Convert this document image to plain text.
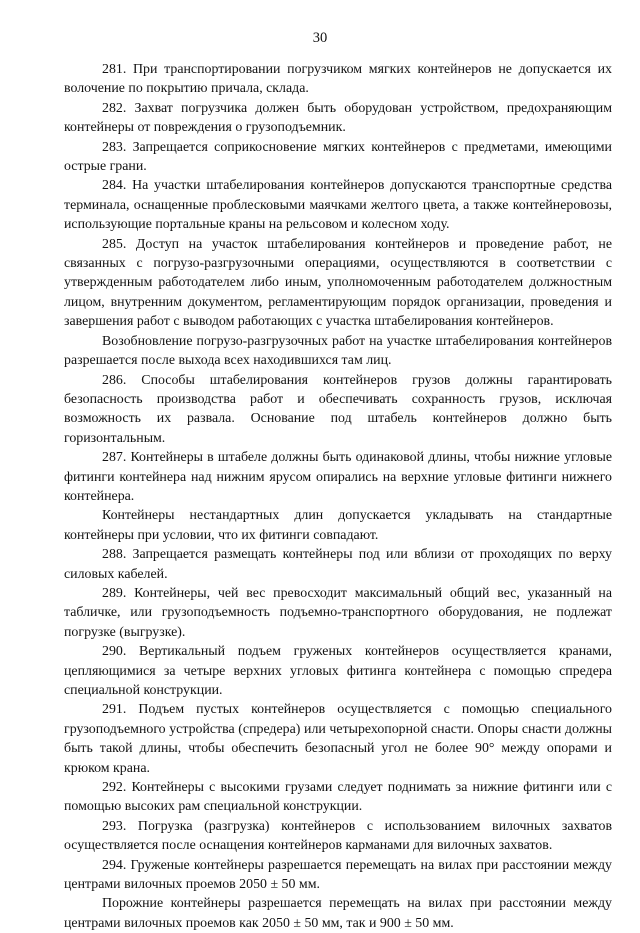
30

281. При транспортировании погрузчиком мягких контейнеров не допускается их волочение по покрытию причала, склада.

282. Захват погрузчика должен быть оборудован устройством, предохраняющим контейнеры от повреждения о грузоподъемник.

283. Запрещается соприкосновение мягких контейнеров с предметами, имеющими острые грани.

284. На участки штабелирования контейнеров допускаются транспортные средства терминала, оснащенные проблесковыми маячками желтого цвета, а также контейнеровозы, использующие портальные краны на рельсовом и колесном ходу.

285. Доступ на участок штабелирования контейнеров и проведение работ, не связанных с погрузо-разгрузочными операциями, осуществляются в соответствии с утвержденным работодателем либо иным, уполномоченным работодателем должностным лицом, внутренним документом, регламентирующим порядок организации, проведения и завершения работ с выводом работающих с участка штабелирования контейнеров.

Возобновление погрузо-разгрузочных работ на участке штабелирования контейнеров разрешается после выхода всех находившихся там лиц.

286. Способы штабелирования контейнеров грузов должны гарантировать безопасность производства работ и обеспечивать сохранность грузов, исключая возможность их развала. Основание под штабель контейнеров должно быть горизонтальным.

287. Контейнеры в штабеле должны быть одинаковой длины, чтобы нижние угловые фитинги контейнера над нижним ярусом опирались на верхние угловые фитинги нижнего контейнера.

Контейнеры нестандартных длин допускается укладывать на стандартные контейнеры при условии, что их фитинги совпадают.

288. Запрещается размещать контейнеры под или вблизи от проходящих по верху силовых кабелей.

289. Контейнеры, чей вес превосходит максимальный общий вес, указанный на табличке, или грузоподъемность подъемно-транспортного оборудования, не подлежат погрузке (выгрузке).

290. Вертикальный подъем груженых контейнеров осуществляется кранами, цепляющимися за четыре верхних угловых фитинга контейнера с помощью спредера специальной конструкции.

291. Подъем пустых контейнеров осуществляется с помощью специального грузоподъемного устройства (спредера) или четырехопорной снасти. Опоры снасти должны быть такой длины, чтобы обеспечить безопасный угол не более 90° между опорами и крюком крана.

292. Контейнеры с высокими грузами следует поднимать за нижние фитинги или с помощью высоких рам специальной конструкции.

293. Погрузка (разгрузка) контейнеров с использованием вилочных захватов осуществляется после оснащения контейнеров карманами для вилочных захватов.

294. Груженые контейнеры разрешается перемещать на вилах при расстоянии между центрами вилочных проемов 2050 ± 50 мм.

Порожние контейнеры разрешается перемещать на вилах при расстоянии между центрами вилочных проемов как 2050 ± 50 мм, так и 900 ± 50 мм.
